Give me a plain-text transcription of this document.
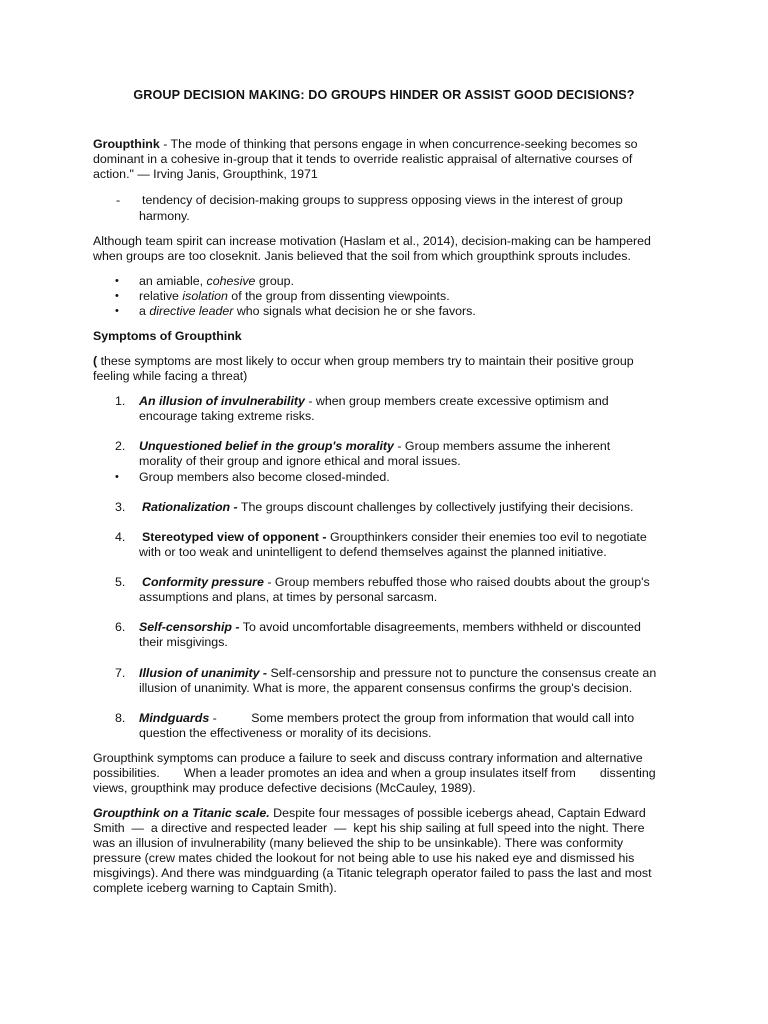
GROUP DECISION MAKING: DO GROUPS HINDER OR ASSIST GOOD DECISIONS?
Groupthink - The mode of thinking that persons engage in when concurrence-seeking becomes so
dominant in a cohesive in-group that it tends to override realistic appraisal of alternative courses of
action." — Irving Janis, Groupthink, 1971
- tendency of decision-making groups to suppress opposing views in the interest of group
harmony.
Although team spirit can increase motivation (Haslam et al., 2014), decision-making can be hampered
when groups are too closeknit. Janis believed that the soil from which groupthink sprouts includes.
• an amiable, cohesive group.
• relative isolation of the group from dissenting viewpoints.
• a directive leader who signals what decision he or she favors.
Symptoms of Groupthink
( these symptoms are most likely to occur when group members try to maintain their positive group
feeling while facing a threat)
1. An illusion of invulnerability - when group members create excessive optimism and
encourage taking extreme risks.
2. Unquestioned belief in the group's morality - Group members assume the inherent
morality of their group and ignore ethical and moral issues.
• Group members also become closed-minded.
3. Rationalization - The groups discount challenges by collectively justifying their decisions.
4. Stereotyped view of opponent - Groupthinkers consider their enemies too evil to negotiate
with or too weak and unintelligent to defend themselves against the planned initiative.
5. Conformity pressure - Group members rebuffed those who raised doubts about the group's
assumptions and plans, at times by personal sarcasm.
6. Self-censorship - To avoid uncomfortable disagreements, members withheld or discounted
their misgivings.
7. Illusion of unanimity - Self-censorship and pressure not to puncture the consensus create an
illusion of unanimity. What is more, the apparent consensus confirms the group's decision.
8. Mindguards -          Some members protect the group from information that would call into
question the effectiveness or morality of its decisions.
Groupthink symptoms can produce a failure to seek and discuss contrary information and alternative
possibilities.       When a leader promotes an idea and when a group insulates itself from       dissenting
views, groupthink may produce defective decisions (McCauley, 1989).
Groupthink on a Titanic scale. Despite four messages of possible icebergs ahead, Captain Edward
Smith  —  a directive and respected leader  —  kept his ship sailing at full speed into the night. There
was an illusion of invulnerability (many believed the ship to be unsinkable). There was conformity
pressure (crew mates chided the lookout for not being able to use his naked eye and dismissed his
misgivings). And there was mindguarding (a Titanic telegraph operator failed to pass the last and most
complete iceberg warning to Captain Smith).
